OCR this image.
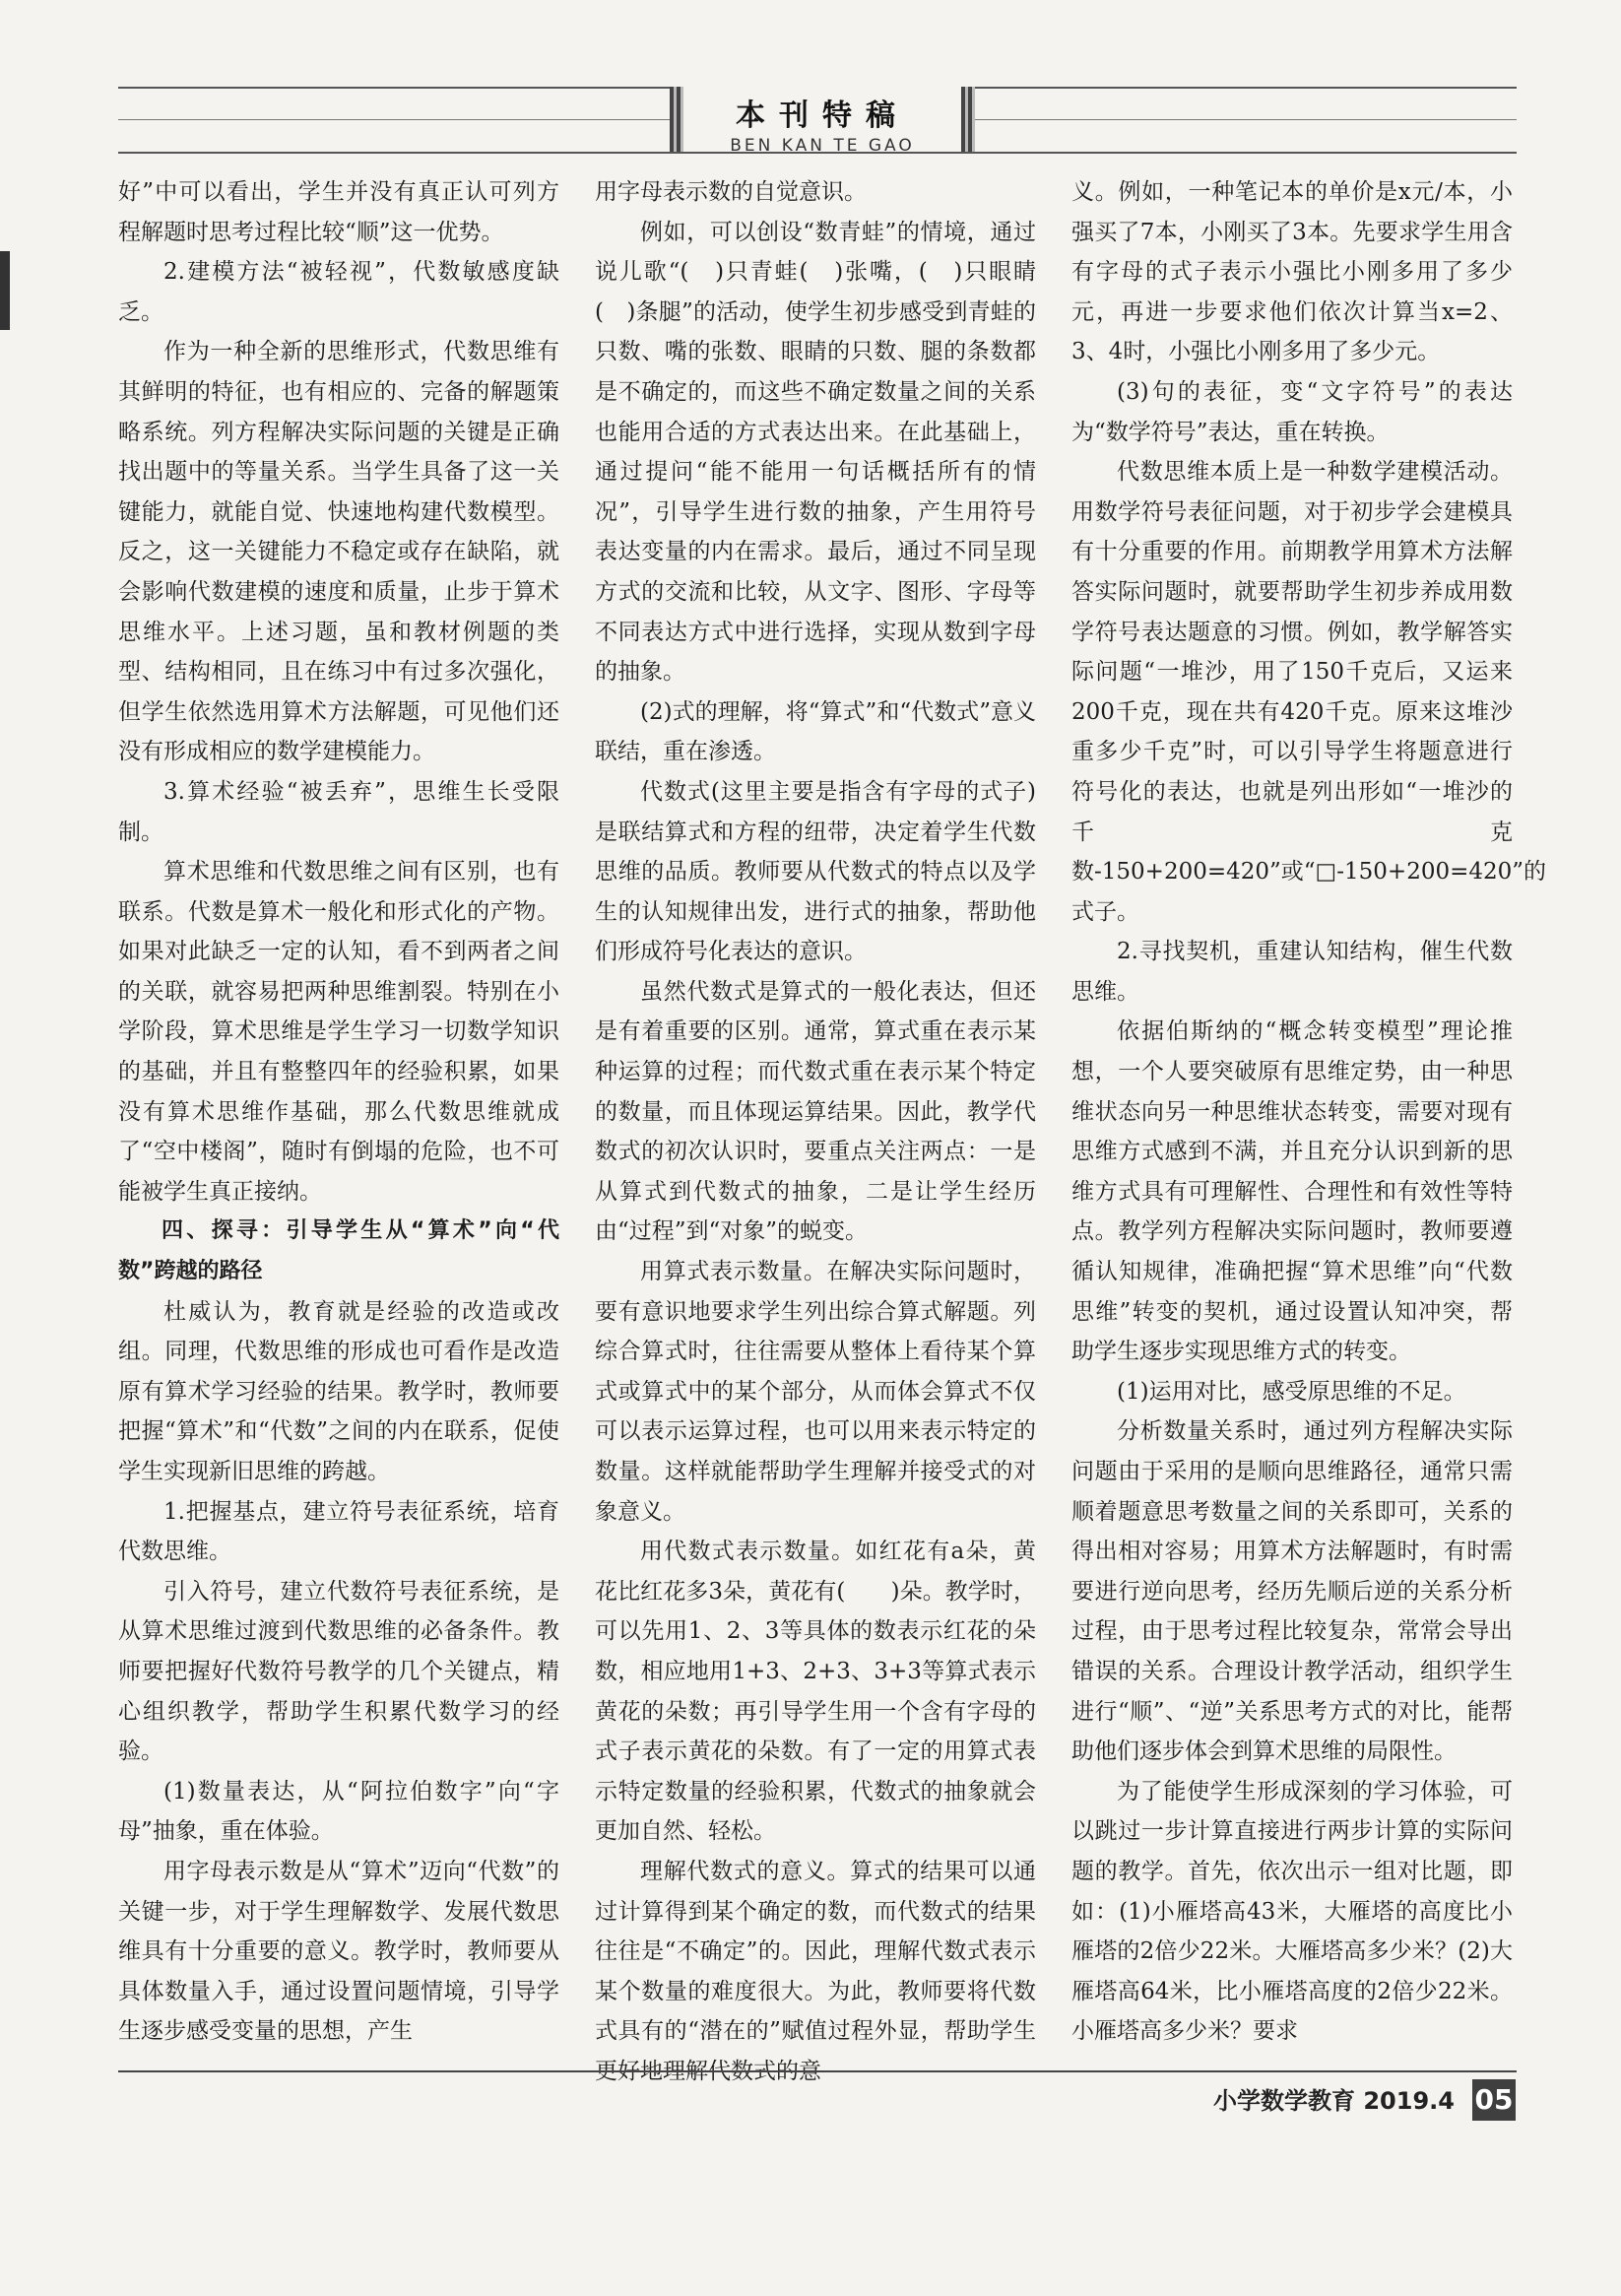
本刊特稿
BEN KAN TE GAO

好”中可以看出，学生并没有真正认可列方程解题时思考过程比较“顺”这一优势。

2.建模方法“被轻视”，代数敏感度缺乏。

作为一种全新的思维形式，代数思维有其鲜明的特征，也有相应的、完备的解题策略系统。列方程解决实际问题的关键是正确找出题中的等量关系。当学生具备了这一关键能力，就能自觉、快速地构建代数模型。反之，这一关键能力不稳定或存在缺陷，就会影响代数建模的速度和质量，止步于算术思维水平。上述习题，虽和教材例题的类型、结构相同，且在练习中有过多次强化，但学生依然选用算术方法解题，可见他们还没有形成相应的数学建模能力。

3.算术经验“被丢弃”，思维生长受限制。

算术思维和代数思维之间有区别，也有联系。代数是算术一般化和形式化的产物。如果对此缺乏一定的认知，看不到两者之间的关联，就容易把两种思维割裂。特别在小学阶段，算术思维是学生学习一切数学知识的基础，并且有整整四年的经验积累，如果没有算术思维作基础，那么代数思维就成了“空中楼阁”，随时有倒塌的危险，也不可能被学生真正接纳。

四、探寻：引导学生从“算术”向“代数”跨越的路径

杜威认为，教育就是经验的改造或改组。同理，代数思维的形成也可看作是改造原有算术学习经验的结果。教学时，教师要把握“算术”和“代数”之间的内在联系，促使学生实现新旧思维的跨越。

1.把握基点，建立符号表征系统，培育代数思维。

引入符号，建立代数符号表征系统，是从算术思维过渡到代数思维的必备条件。教师要把握好代数符号教学的几个关键点，精心组织教学，帮助学生积累代数学习的经验。

(1)数量表达，从“阿拉伯数字”向“字母”抽象，重在体验。

用字母表示数是从“算术”迈向“代数”的关键一步，对于学生理解数学、发展代数思维具有十分重要的意义。教学时，教师要从具体数量入手，通过设置问题情境，引导学生逐步感受变量的思想，产生

用字母表示数的自觉意识。

例如，可以创设“数青蛙”的情境，通过说儿歌“(　)只青蛙(　)张嘴，(　)只眼睛(　)条腿”的活动，使学生初步感受到青蛙的只数、嘴的张数、眼睛的只数、腿的条数都是不确定的，而这些不确定数量之间的关系也能用合适的方式表达出来。在此基础上，通过提问“能不能用一句话概括所有的情况”，引导学生进行数的抽象，产生用符号表达变量的内在需求。最后，通过不同呈现方式的交流和比较，从文字、图形、字母等不同表达方式中进行选择，实现从数到字母的抽象。

(2)式的理解，将“算式”和“代数式”意义联结，重在渗透。

代数式(这里主要是指含有字母的式子)是联结算式和方程的纽带，决定着学生代数思维的品质。教师要从代数式的特点以及学生的认知规律出发，进行式的抽象，帮助他们形成符号化表达的意识。

虽然代数式是算式的一般化表达，但还是有着重要的区别。通常，算式重在表示某种运算的过程；而代数式重在表示某个特定的数量，而且体现运算结果。因此，教学代数式的初次认识时，要重点关注两点：一是从算式到代数式的抽象，二是让学生经历由“过程”到“对象”的蜕变。

用算式表示数量。在解决实际问题时，要有意识地要求学生列出综合算式解题。列综合算式时，往往需要从整体上看待某个算式或算式中的某个部分，从而体会算式不仅可以表示运算过程，也可以用来表示特定的数量。这样就能帮助学生理解并接受式的对象意义。

用代数式表示数量。如红花有a朵，黄花比红花多3朵，黄花有(　　)朵。教学时，可以先用1、2、3等具体的数表示红花的朵数，相应地用1+3、2+3、3+3等算式表示黄花的朵数；再引导学生用一个含有字母的式子表示黄花的朵数。有了一定的用算式表示特定数量的经验积累，代数式的抽象就会更加自然、轻松。

理解代数式的意义。算式的结果可以通过计算得到某个确定的数，而代数式的结果往往是“不确定”的。因此，理解代数式表示某个数量的难度很大。为此，教师要将代数式具有的“潜在的”赋值过程外显，帮助学生更好地理解代数式的意

义。例如，一种笔记本的单价是x元/本，小强买了7本，小刚买了3本。先要求学生用含有字母的式子表示小强比小刚多用了多少元，再进一步要求他们依次计算当x=2、3、4时，小强比小刚多用了多少元。

(3)句的表征，变“文字符号”的表达为“数学符号”表达，重在转换。

代数思维本质上是一种数学建模活动。用数学符号表征问题，对于初步学会建模具有十分重要的作用。前期教学用算术方法解答实际问题时，就要帮助学生初步养成用数学符号表达题意的习惯。例如，教学解答实际问题“一堆沙，用了150千克后，又运来200千克，现在共有420千克。原来这堆沙重多少千克”时，可以引导学生将题意进行符号化的表达，也就是列出形如“一堆沙的千克数-150+200=420”或“□-150+200=420”的式子。

2.寻找契机，重建认知结构，催生代数思维。

依据伯斯纳的“概念转变模型”理论推想，一个人要突破原有思维定势，由一种思维状态向另一种思维状态转变，需要对现有思维方式感到不满，并且充分认识到新的思维方式具有可理解性、合理性和有效性等特点。教学列方程解决实际问题时，教师要遵循认知规律，准确把握“算术思维”向“代数思维”转变的契机，通过设置认知冲突，帮助学生逐步实现思维方式的转变。

(1)运用对比，感受原思维的不足。

分析数量关系时，通过列方程解决实际问题由于采用的是顺向思维路径，通常只需顺着题意思考数量之间的关系即可，关系的得出相对容易；用算术方法解题时，有时需要进行逆向思考，经历先顺后逆的关系分析过程，由于思考过程比较复杂，常常会导出错误的关系。合理设计教学活动，组织学生进行“顺”、“逆”关系思考方式的对比，能帮助他们逐步体会到算术思维的局限性。

为了能使学生形成深刻的学习体验，可以跳过一步计算直接进行两步计算的实际问题的教学。首先，依次出示一组对比题，即如：(1)小雁塔高43米，大雁塔的高度比小雁塔的2倍少22米。大雁塔高多少米？(2)大雁塔高64米，比小雁塔高度的2倍少22米。小雁塔高多少米？要求

小学数学教育 2019.4 05
